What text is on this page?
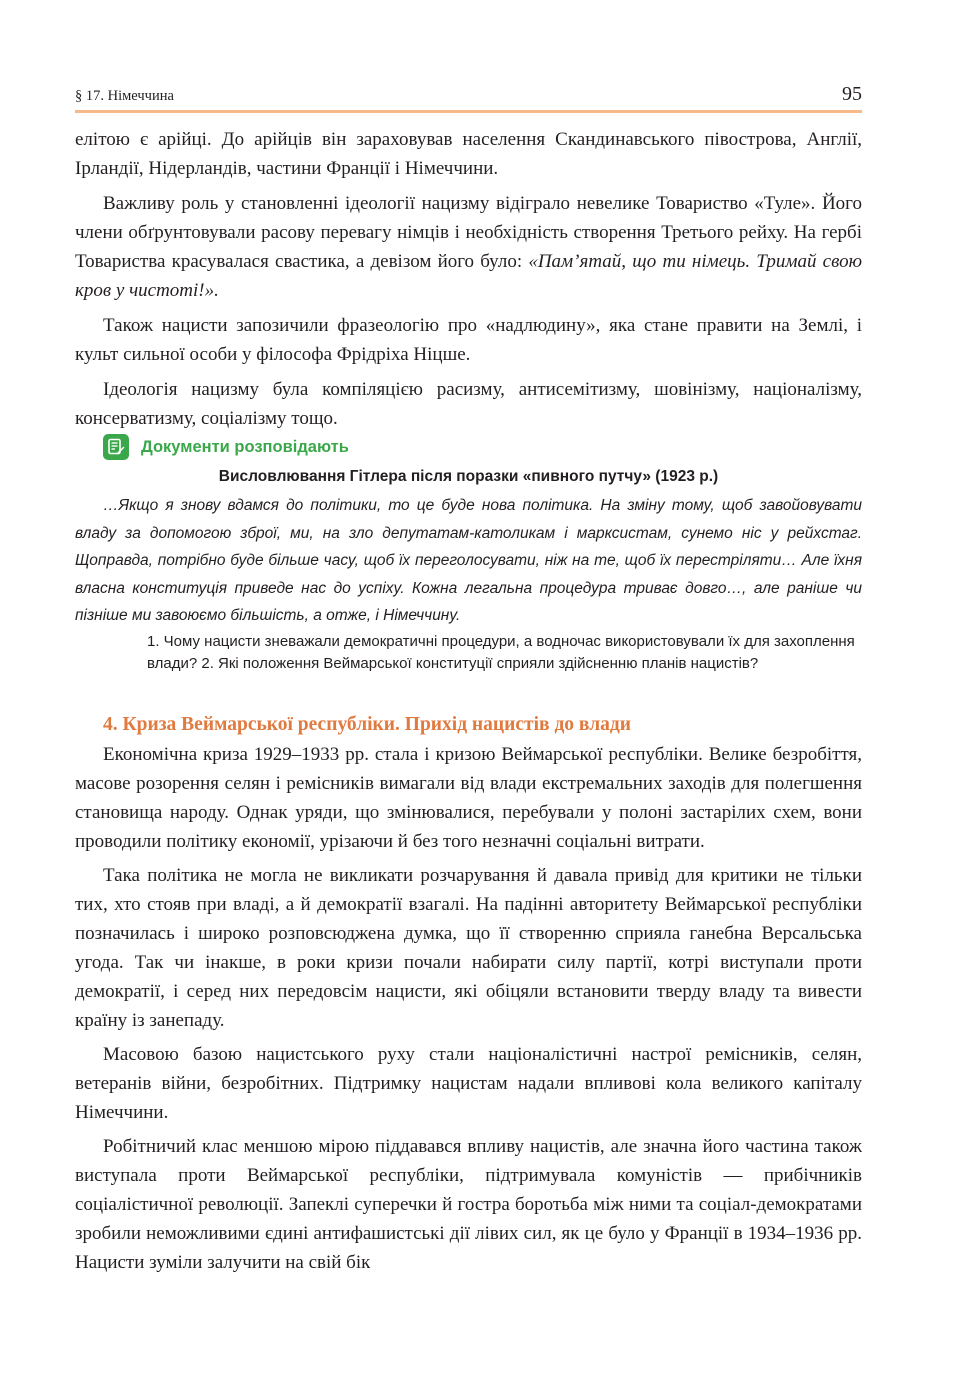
§ 17. Німеччина	95

елітою є арійці. До арійців він зараховував населення Скандинавського півострова, Англії, Ірландії, Нідерландів, частини Франції і Німеччини.

Важливу роль у становленні ідеології нацизму відіграло невелике Товариство «Туле». Його члени обґрунтовували расову перевагу німців і необхідність створення Третього рейху. На гербі Товариства красувалася свастика, а девізом його було: «Пам’ятай, що ти німець. Тримай свою кров у чистоті!».

Також нацисти запозичили фразеологію про «надлюдину», яка стане правити на Землі, і культ сильної особи у філософа Фрідріха Ніцше.

Ідеологія нацизму була компіляцією расизму, антисемітизму, шовінізму, націоналізму, консерватизму, соціалізму тощо.

Документи розповідають
Висловлювання Гітлера після поразки «пивного путчу» (1923 р.)

…Якщо я знову вдамся до політики, то це буде нова політика. На зміну тому, щоб завойовувати владу за допомогою зброї, ми, на зло депутатам-католикам і марксистам, сунемо ніс у рейхстаг. Щоправда, потрібно буде більше часу, щоб їх переголосувати, ніж на те, щоб їх перестріляти… Але їхня власна конституція приведе нас до успіху. Кожна легальна процедура триває довго…, але раніше чи пізніше ми завоюємо більшість, а отже, і Німеччину.

1. Чому нацисти зневажали демократичні процедури, а водночас використовували їх для захоплення влади? 2. Які положення Веймарської конституції сприяли здійсненню планів нацистів?

4. Криза Веймарської республіки. Прихід нацистів до влади

Економічна криза 1929–1933 рр. стала і кризою Веймарської республіки. Велике безробіття, масове розорення селян і ремісників вимагали від влади екстремальних заходів для полегшення становища народу. Однак уряди, що змінювалися, перебували у полоні застарілих схем, вони проводили політику економії, урізаючи й без того незначні соціальні витрати.

Така політика не могла не викликати розчарування й давала привід для критики не тільки тих, хто стояв при владі, а й демократії взагалі. На падінні авторитету Веймарської республіки позначилась і широко розповсюджена думка, що її створенню сприяла ганебна Версальська угода. Так чи інакше, в роки кризи почали набирати силу партії, котрі виступали проти демократії, і серед них передовсім нацисти, які обіцяли встановити тверду владу та вивести країну із занепаду.

Масовою базою нацистського руху стали націоналістичні настрої ремісників, селян, ветеранів війни, безробітних. Підтримку нацистам надали впливові кола великого капіталу Німеччини.

Робітничий клас меншою мірою піддавався впливу нацистів, але значна його частина також виступала проти Веймарської республіки, підтримувала комуністів — прибічників соціалістичної революції. Запеклі суперечки й гостра боротьба між ними та соціал-демократами зробили неможливими єдині антифашистські дії лівих сил, як це було у Франції в 1934–1936 рр. Нацисти зуміли залучити на свій бік
